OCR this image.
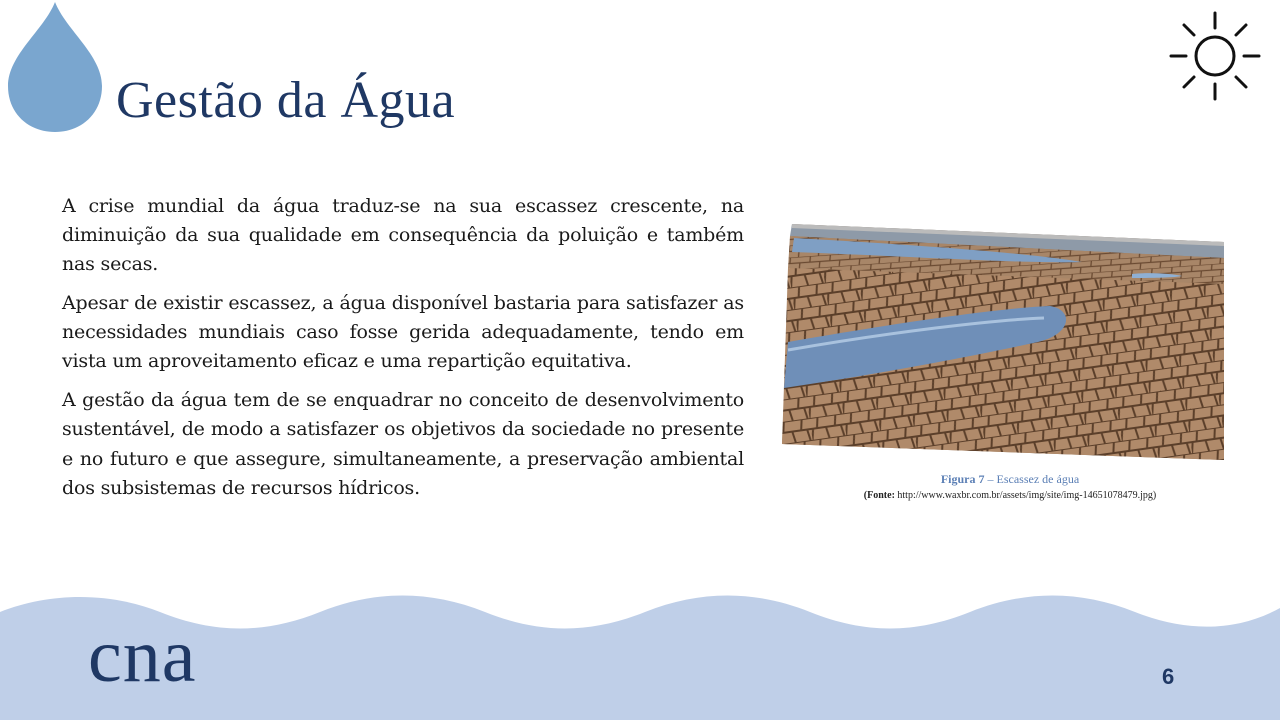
Gestão da Água

A crise mundial da água traduz-se na sua escassez crescente, na diminuição da sua qualidade em consequência da poluição e também nas secas.

Apesar de existir escassez, a água disponível bastaria para satisfazer as necessidades mundiais caso fosse gerida adequadamente, tendo em vista um aproveitamento eficaz e uma repartição equitativa.

A gestão da água tem de se enquadrar no conceito de desenvolvimento sustentável, de modo a satisfazer os objetivos da sociedade no presente e no futuro e que assegure, simultaneamente, a preservação ambiental dos subsistemas de recursos hídricos.	Figura 7 – Escassez de água
(Fonte: http://www.waxbr.com.br/assets/img/site/img-14651078479.jpg)
cna	6
